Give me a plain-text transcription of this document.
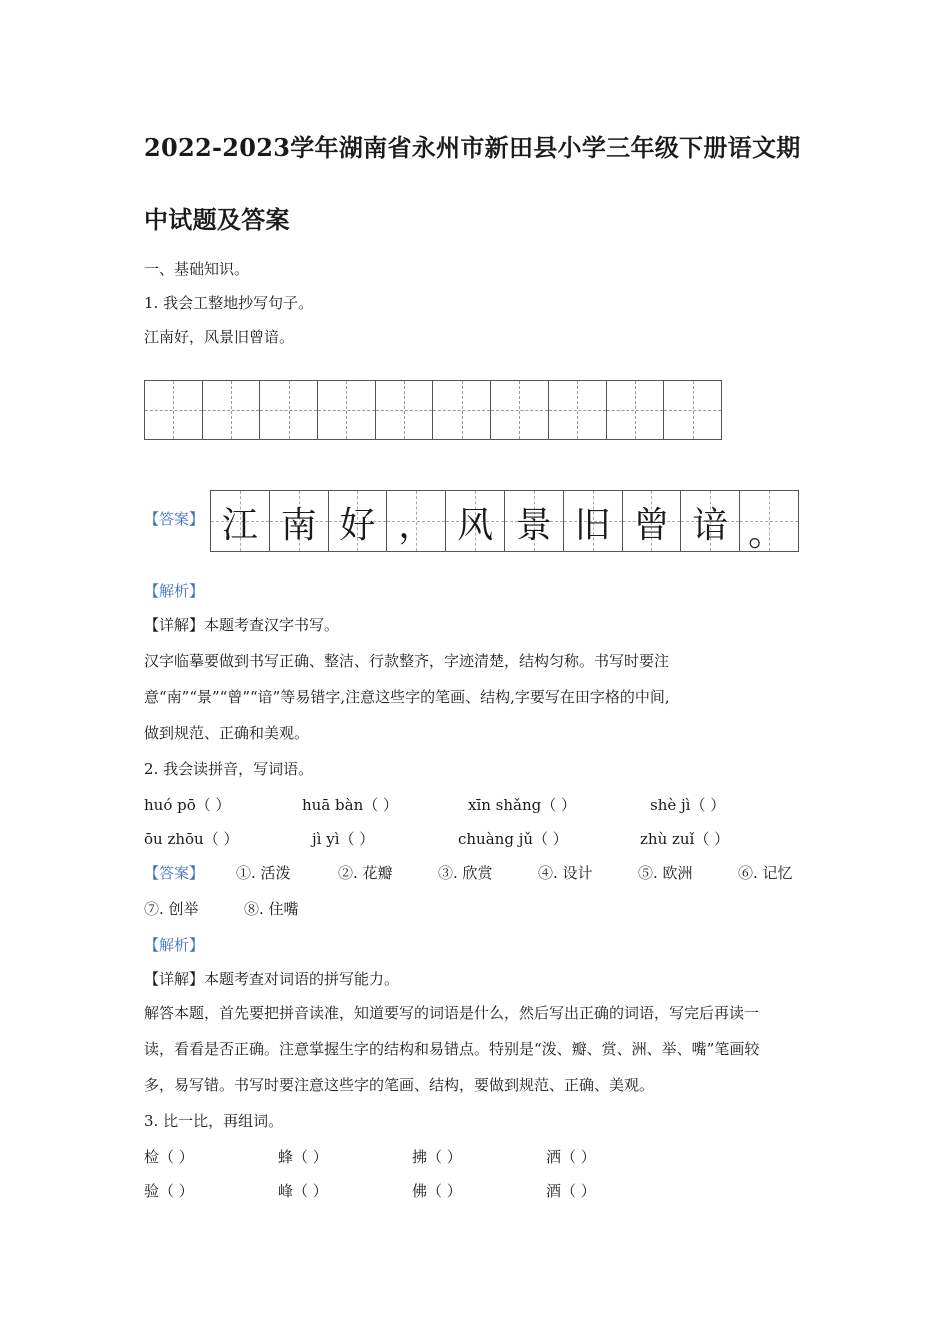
2022-2023学年湖南省永州市新田县小学三年级下册语文期
中试题及答案
一、基础知识。
1. 我会工整地抄写句子。
江南好，风景旧曾谙。
【答案】 江 南 好 ， 风 景 旧 曾 谙 。
【解析】
【详解】本题考查汉字书写。
汉字临摹要做到书写正确、整洁、行款整齐，字迹清楚，结构匀称。书写时要注
意“南”“景”“曾”“谙”等易错字,注意这些字的笔画、结构,字要写在田字格的中间,
做到规范、正确和美观。
2. 我会读拼音，写词语。
huó pō（ ）	huā bàn（ ）	xīn shǎng（ ）	shè jì（ ）
ōu zhōu（ ）	jì yì（ ）	chuàng jǔ（ ）	zhù zuǐ（ ）
【答案】 ①. 活泼	②. 花瓣	③. 欣赏	④. 设计	⑤. 欧洲	⑥. 记忆
⑦. 创举	⑧. 住嘴
【解析】
【详解】本题考查对词语的拼写能力。
解答本题，首先要把拼音读准，知道要写的词语是什么，然后写出正确的词语，写完后再读一
读，看看是否正确。注意掌握生字的结构和易错点。特别是“泼、瓣、赏、洲、举、嘴”笔画较
多，易写错。书写时要注意这些字的笔画、结构，要做到规范、正确、美观。
3. 比一比，再组词。
检（ ）	蜂（ ）	拂（ ）	洒（ ）
验（ ）	峰（ ）	佛（ ）	酒（ ）
